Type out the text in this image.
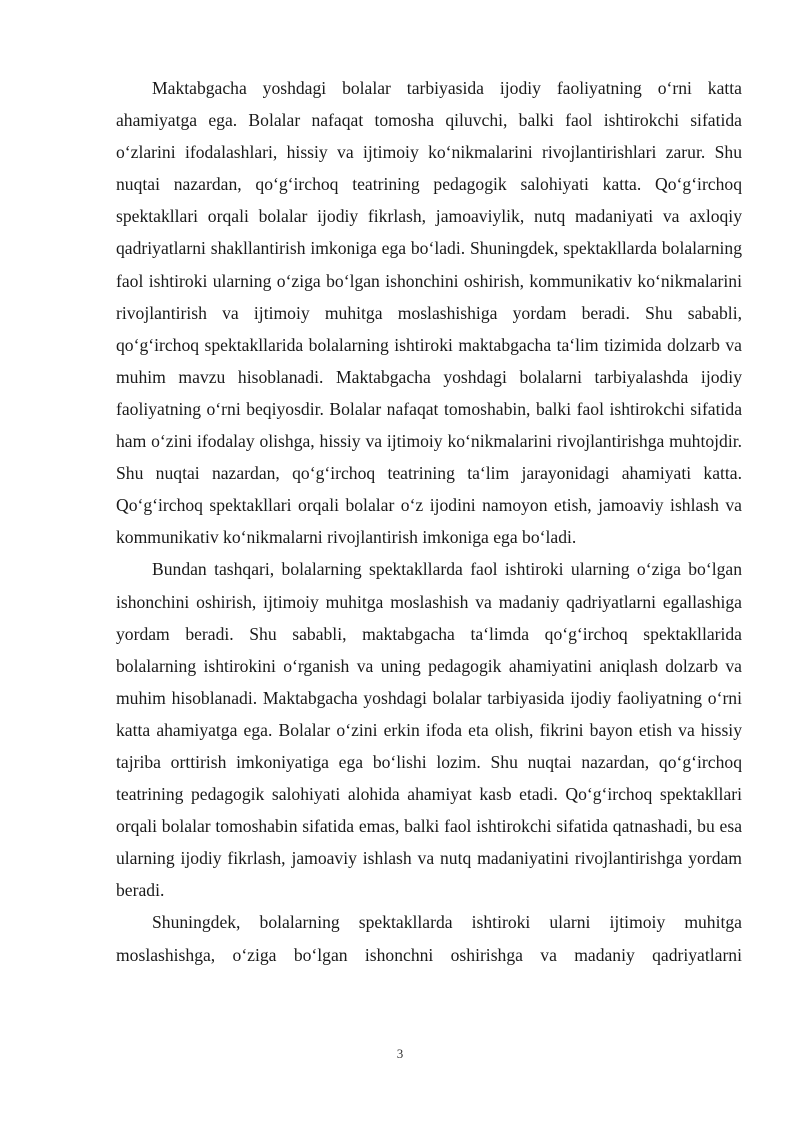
Maktabgacha yoshdagi bolalar tarbiyasida ijodiy faoliyatning o‘rni katta ahamiyatga ega. Bolalar nafaqat tomosha qiluvchi, balki faol ishtirokchi sifatida o‘zlarini ifodalashlari, hissiy va ijtimoiy ko‘nikmalarini rivojlantirishlari zarur. Shu nuqtai nazardan, qo‘g‘irchoq teatrining pedagogik salohiyati katta. Qo‘g‘irchoq spektakllari orqali bolalar ijodiy fikrlash, jamoaviylik, nutq madaniyati va axloqiy qadriyatlarni shakllantirish imkoniga ega bo‘ladi. Shuningdek, spektakllarda bolalarning faol ishtiroki ularning o‘ziga bo‘lgan ishonchini oshirish, kommunikativ ko‘nikmalarini rivojlantirish va ijtimoiy muhitga moslashishiga yordam beradi. Shu sababli, qo‘g‘irchoq spektakllarida bolalarning ishtiroki maktabgacha ta‘lim tizimida dolzarb va muhim mavzu hisoblanadi. Maktabgacha yoshdagi bolalarni tarbiyalashda ijodiy faoliyatning o‘rni beqiyosdir. Bolalar nafaqat tomoshabin, balki faol ishtirokchi sifatida ham o‘zini ifodalay olishga, hissiy va ijtimoiy ko‘nikmalarini rivojlantirishga muhtojdir. Shu nuqtai nazardan, qo‘g‘irchoq teatrining ta‘lim jarayonidagi ahamiyati katta. Qo‘g‘irchoq spektakllari orqali bolalar o‘z ijodini namoyon etish, jamoaviy ishlash va kommunikativ ko‘nikmalarni rivojlantirish imkoniga ega bo‘ladi.

Bundan tashqari, bolalarning spektakllarda faol ishtiroki ularning o‘ziga bo‘lgan ishonchini oshirish, ijtimoiy muhitga moslashish va madaniy qadriyatlarni egallashiga yordam beradi. Shu sababli, maktabgacha ta‘limda qo‘g‘irchoq spektakllarida bolalarning ishtirokini o‘rganish va uning pedagogik ahamiyatini aniqlash dolzarb va muhim hisoblanadi. Maktabgacha yoshdagi bolalar tarbiyasida ijodiy faoliyatning o‘rni katta ahamiyatga ega. Bolalar o‘zini erkin ifoda eta olish, fikrini bayon etish va hissiy tajriba orttirish imkoniyatiga ega bo‘lishi lozim. Shu nuqtai nazardan, qo‘g‘irchoq teatrining pedagogik salohiyati alohida ahamiyat kasb etadi. Qo‘g‘irchoq spektakllari orqali bolalar tomoshabin sifatida emas, balki faol ishtirokchi sifatida qatnashadi, bu esa ularning ijodiy fikrlash, jamoaviy ishlash va nutq madaniyatini rivojlantirishga yordam beradi.

Shuningdek, bolalarning spektakllarda ishtiroki ularni ijtimoiy muhitga moslashishga, o‘ziga bo‘lgan ishonchni oshirishga va madaniy qadriyatlarni

3
